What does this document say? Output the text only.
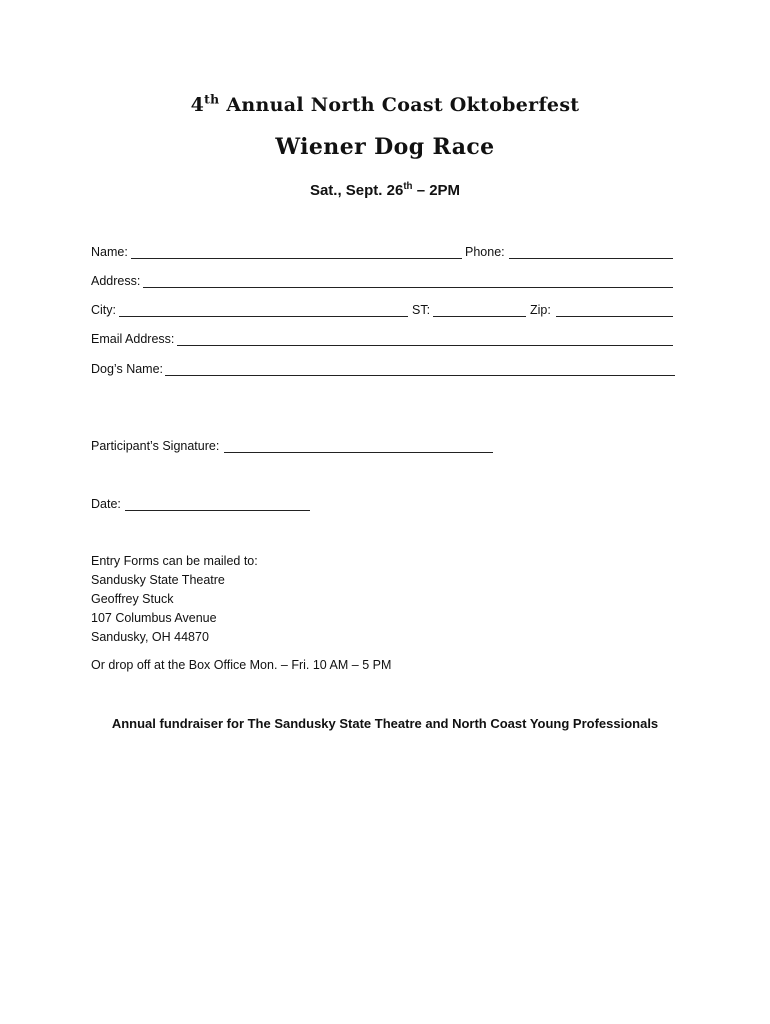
4th Annual North Coast Oktoberfest
Wiener Dog Race
Sat., Sept. 26th – 2PM
Name:	Phone:
Address:
City:	ST:	Zip:
Email Address:
Dog’s Name:
Participant’s Signature:
Date:
Entry Forms can be mailed to:
Sandusky State Theatre
Geoffrey Stuck
107 Columbus Avenue
Sandusky, OH 44870
Or drop off at the Box Office Mon. – Fri. 10 AM – 5 PM
Annual fundraiser for The Sandusky State Theatre and North Coast Young Professionals
